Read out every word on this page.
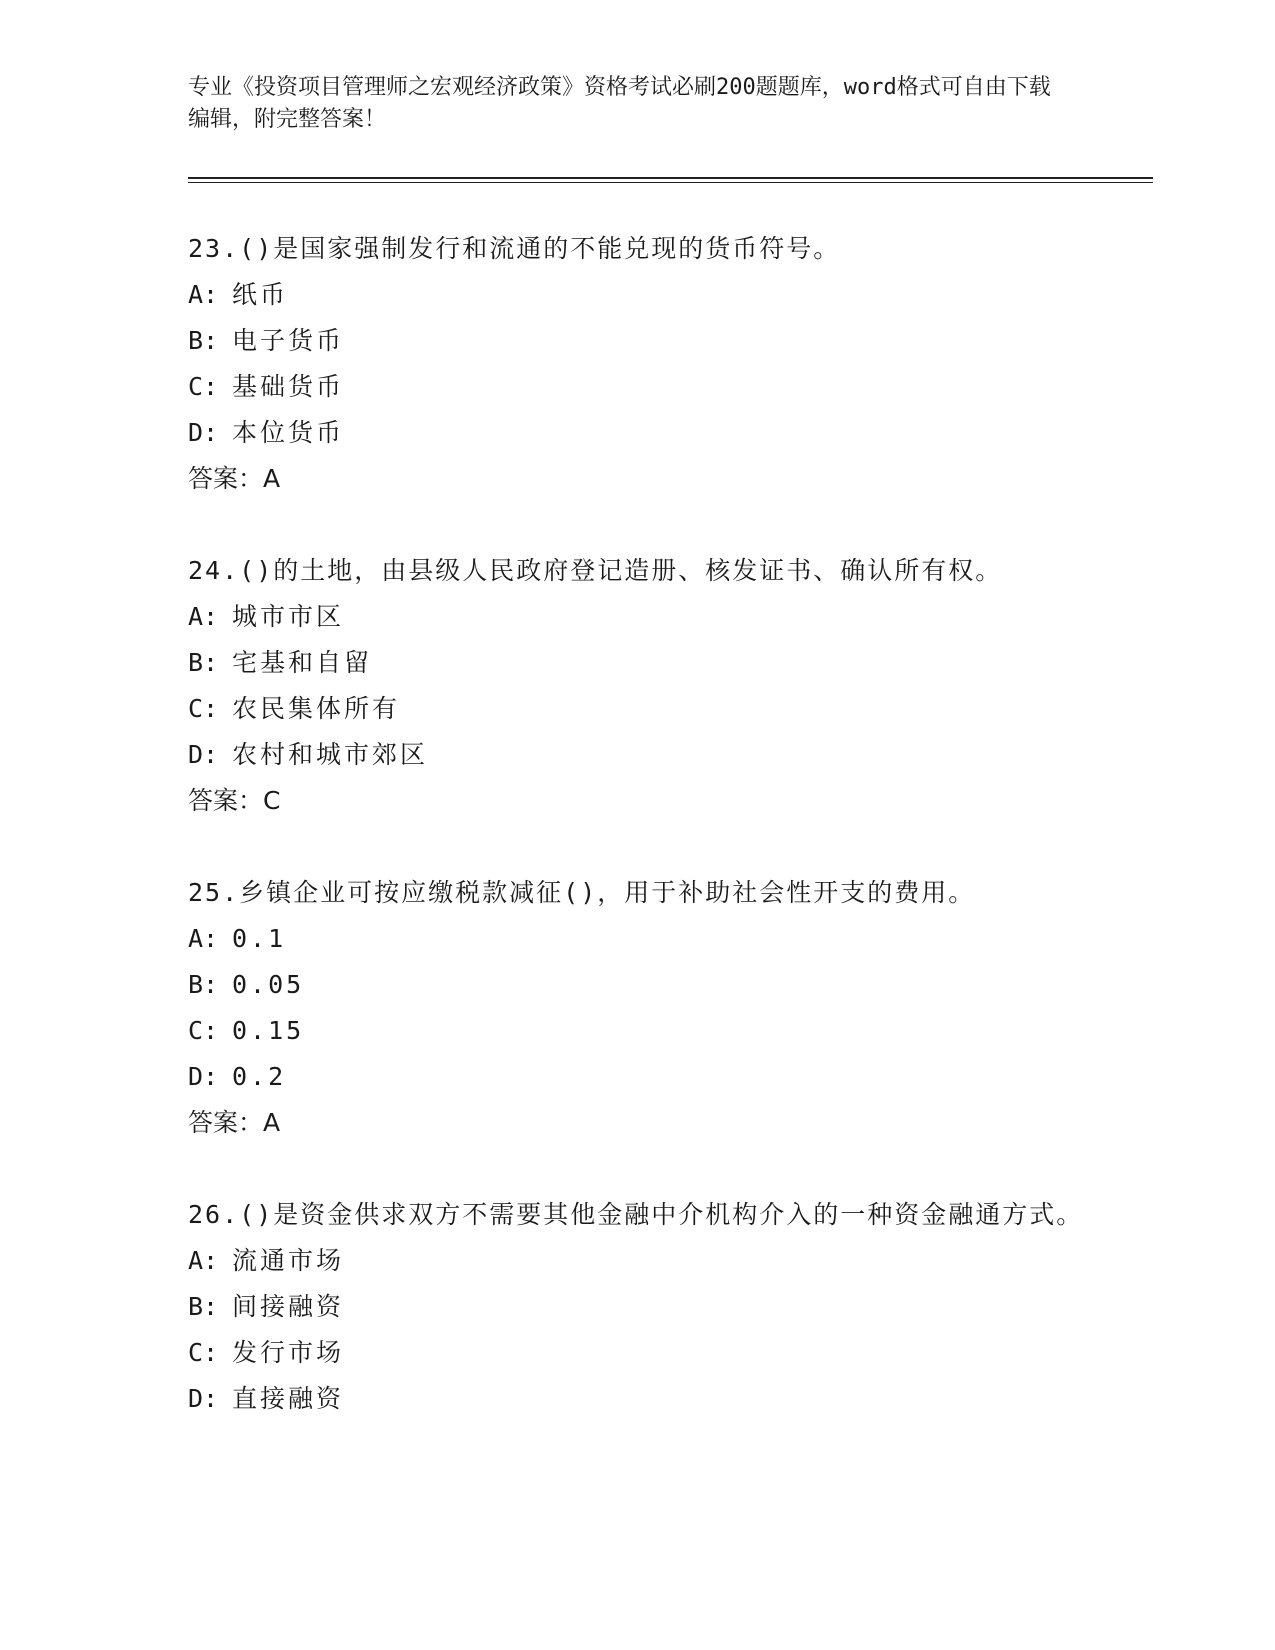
专业《投资项目管理师之宏观经济政策》资格考试必刷200题题库，word格式可自由下载编辑，附完整答案！
23.()是国家强制发行和流通的不能兑现的货币符号。
A: 纸币
B: 电子货币
C: 基础货币
D: 本位货币
答案：A
24.()的土地，由县级人民政府登记造册、核发证书、确认所有权。
A: 城市市区
B: 宅基和自留
C: 农民集体所有
D: 农村和城市郊区
答案：C
25.乡镇企业可按应缴税款减征()，用于补助社会性开支的费用。
A: 0.1
B: 0.05
C: 0.15
D: 0.2
答案：A
26.()是资金供求双方不需要其他金融中介机构介入的一种资金融通方式。
A: 流通市场
B: 间接融资
C: 发行市场
D: 直接融资
